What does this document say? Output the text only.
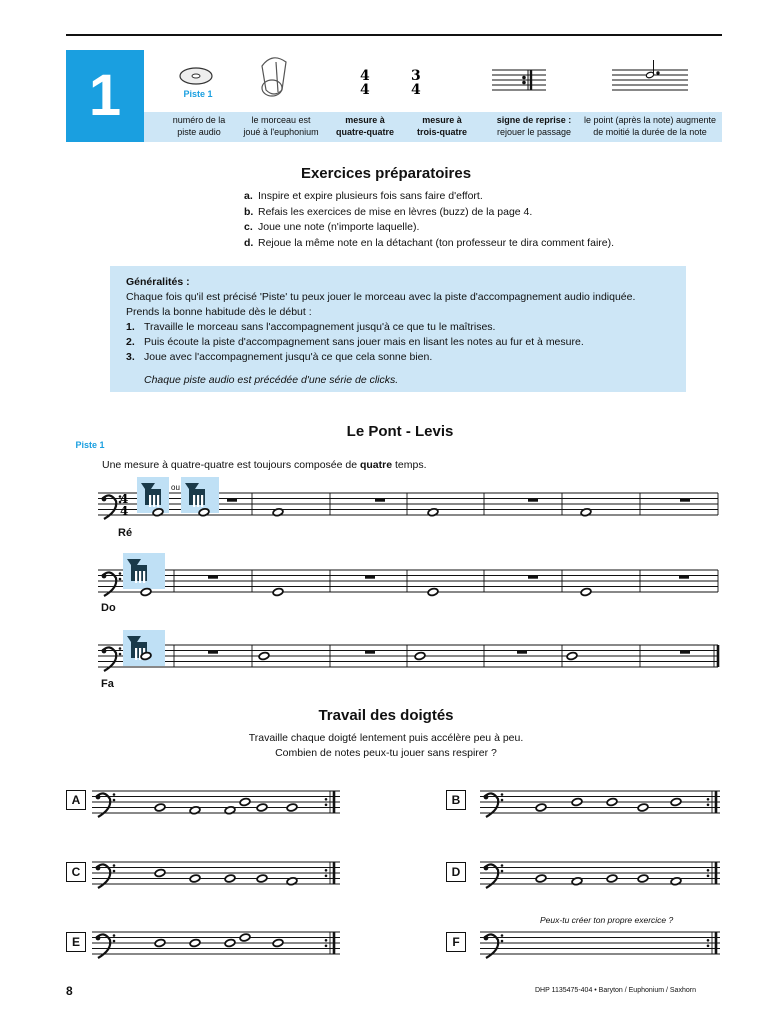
1	4
4
3
4
Piste 1
numéro de la
piste audio
le morceau est
joué à l'euphonium
mesure à
quatre-quatre
mesure à
trois-quatre
signe de reprise :
rejouer le passage
le point (après la note) augmente
de moitié la durée de la note
Exercices préparatoires
a. Inspire et expire plusieurs fois sans faire d'effort.
b. Refais les exercices de mise en lèvres (buzz) de la page 4.
c. Joue une note (n'importe laquelle).
d. Rejoue la même note en la détachant (ton professeur te dira comment faire).
Généralités :
Chaque fois qu'il est précisé 'Piste' tu peux jouer le morceau avec la piste d'accompagnement audio indiquée.
Prends la bonne habitude dès le début :
1. Travaille le morceau sans l'accompagnement jusqu'à ce que tu le maîtrises.
2. Puis écoute la piste d'accompagnement sans jouer mais en lisant les notes au fur et à mesure.
3. Joue avec l'accompagnement jusqu'à ce que cela sonne bien.
Chaque piste audio est précédée d'une série de clicks.
Piste 1
Le Pont - Levis
Une mesure à quatre-quatre est toujours composée de quatre temps.
ou
Ré
Do
Fa
Travail des doigtés
Travaille chaque doigté lentement puis accélère peu à peu.
Combien de notes peux-tu jouer sans respirer ?
Peux-tu créer ton propre exercice ?
A	B
C	D
E	F
4
4
8	DHP 1135475-404 • Baryton / Euphonium / Saxhorn
